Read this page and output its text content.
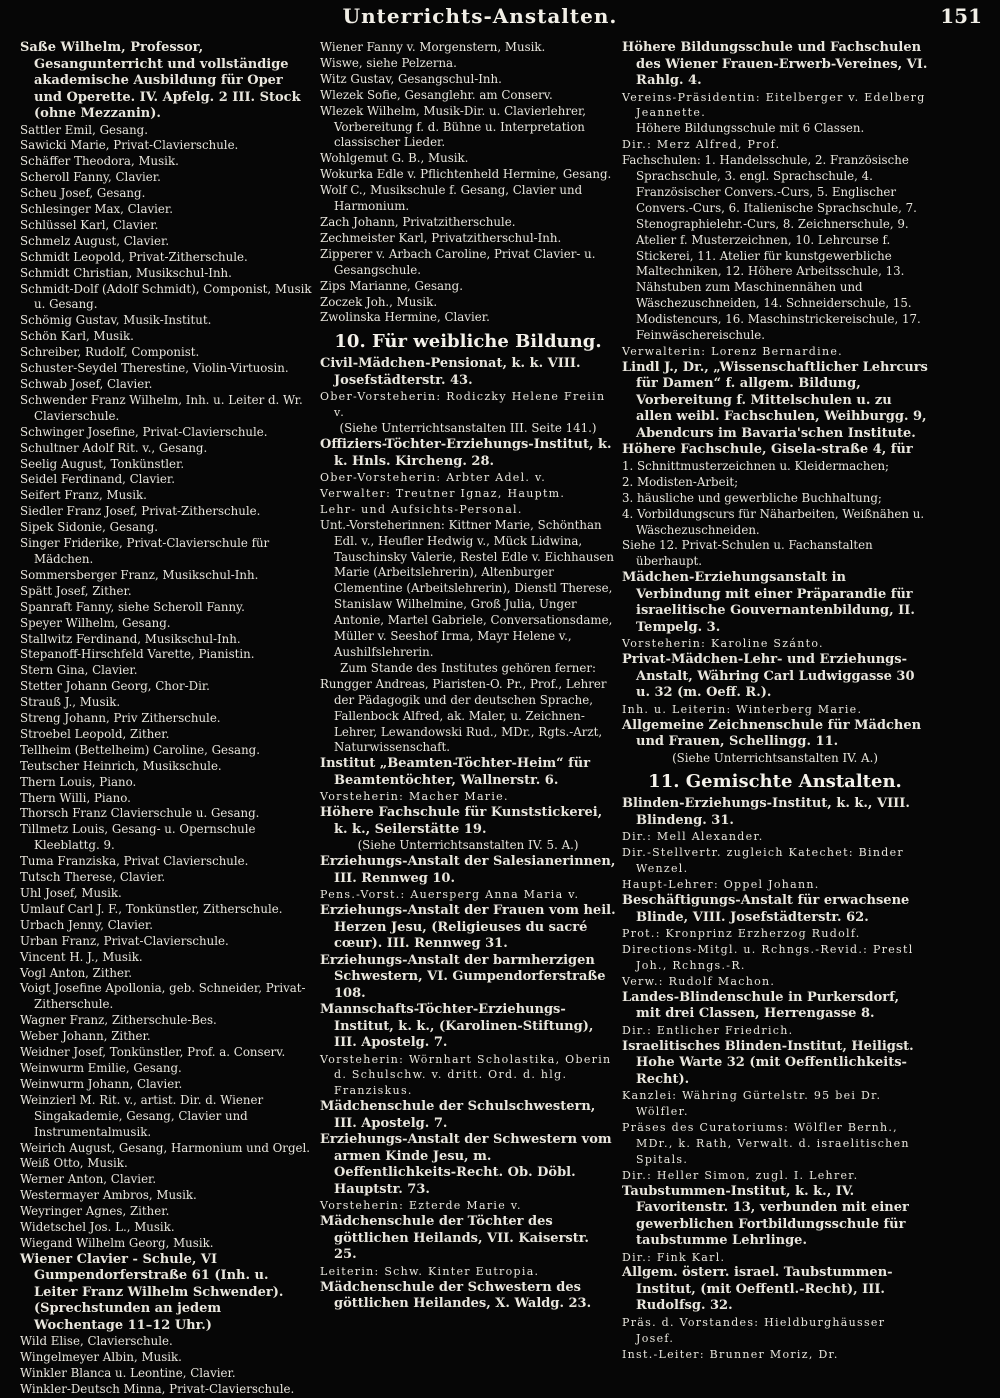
Unterrichts-Anstalten.	151
Saße Wilhelm, Professor, Gesangunterricht und vollständige akademische Ausbildung für Oper und Operette. IV. Apfelg. 2 III. Stock (ohne Mezzanin).
Sattler Emil, Gesang.
Sawicki Marie, Privat-Clavierschule.
Schäffer Theodora, Musik.
Scheroll Fanny, Clavier.
Scheu Josef, Gesang.
Schlesinger Max, Clavier.
Schlüssel Karl, Clavier.
Schmelz August, Clavier.
Schmidt Leopold, Privat-Zitherschule.
Schmidt Christian, Musikschul-Inh.
Schmidt-Dolf (Adolf Schmidt), Componist, Musik u. Gesang.
Schömig Gustav, Musik-Institut.
Schön Karl, Musik.
Schreiber, Rudolf, Componist.
Schuster-Seydel Therestine, Violin-Virtuosin.
Schwab Josef, Clavier.
Schwender Franz Wilhelm, Inh. u. Leiter d. Wr. Clavierschule.
Schwinger Josefine, Privat-Clavierschule.
Schultner Adolf Rit. v., Gesang.
Seelig August, Tonkünstler.
Seidel Ferdinand, Clavier.
Seifert Franz, Musik.
Siedler Franz Josef, Privat-Zitherschule.
Sipek Sidonie, Gesang.
Singer Friderike, Privat-Clavierschule für Mädchen.
Sommersberger Franz, Musikschul-Inh.
Spätt Josef, Zither.
Spanraft Fanny, siehe Scheroll Fanny.
Speyer Wilhelm, Gesang.
Stallwitz Ferdinand, Musikschul-Inh.
Stepanoff-Hirschfeld Varette, Pianistin.
Stern Gina, Clavier.
Stetter Johann Georg, Chor-Dir.
Strauß J., Musik.
Streng Johann, Priv Zitherschule.
Stroebel Leopold, Zither.
Tellheim (Bettelheim) Caroline, Gesang.
Teutscher Heinrich, Musikschule.
Thern Louis, Piano.
Thern Willi, Piano.
Thorsch Franz Clavierschule u. Gesang.
Tillmetz Louis, Gesang- u. Opernschule Kleeblattg. 9.
Tuma Franziska, Privat Clavierschule.
Tutsch Therese, Clavier.
Uhl Josef, Musik.
Umlauf Carl J. F., Tonkünstler, Zitherschule.
Urbach Jenny, Clavier.
Urban Franz, Privat-Clavierschule.
Vincent H. J., Musik.
Vogl Anton, Zither.
Voigt Josefine Apollonia, geb. Schneider, Privat-Zitherschule.
Wagner Franz, Zitherschule-Bes.
Weber Johann, Zither.
Weidner Josef, Tonkünstler, Prof. a. Conserv.
Weinwurm Emilie, Gesang.
Weinwurm Johann, Clavier.
Weinzierl M. Rit. v., artist. Dir. d. Wiener Singakademie, Gesang, Clavier und Instrumentalmusik.
Weirich August, Gesang, Harmonium und Orgel.
Weiß Otto, Musik.
Werner Anton, Clavier.
Westermayer Ambros, Musik.
Weyringer Agnes, Zither.
Widetschel Jos. L., Musik.
Wiegand Wilhelm Georg, Musik.
Wiener Clavier - Schule, VI Gumpendorferstraße 61 (Inh. u. Leiter Franz Wilhelm Schwender). (Sprechstunden an jedem Wochentage 11–12 Uhr.)
Wild Elise, Clavierschule.
Wingelmeyer Albin, Musik.
Winkler Blanca u. Leontine, Clavier.
Winkler-Deutsch Minna, Privat-Clavierschule.
Wiener Fanny v. Morgenstern, Musik.
Wiswe, siehe Pelzerna.
Witz Gustav, Gesangschul-Inh.
Wlezek Sofie, Gesanglehr. am Conserv.
Wlezek Wilhelm, Musik-Dir. u. Clavierlehrer, Vorbereitung f. d. Bühne u. Interpretation classischer Lieder.
Wohlgemut G. B., Musik.
Wokurka Edle v. Pflichtenheld Hermine, Gesang.
Wolf C., Musikschule f. Gesang, Clavier und Harmonium.
Zach Johann, Privatzitherschule.
Zechmeister Karl, Privatzitherschul-Inh.
Zipperer v. Arbach Caroline, Privat Clavier- u. Gesangschule.
Zips Marianne, Gesang.
Zoczek Joh., Musik.
Zwolinska Hermine, Clavier.
10. Für weibliche Bildung.
Civil-Mädchen-Pensionat, k. k. VIII. Josefstädterstr. 43.
Ober-Vorsteherin: Rodiczky Helene Freiin v.
(Siehe Unterrichtsanstalten III. Seite 141.)
Offiziers-Töchter-Erziehungs-Institut, k. k. Hnls. Kircheng. 28.
Ober-Vorsteherin: Arbter Adel. v.
Verwalter: Treutner Ignaz, Hauptm.
Lehr- und Aufsichts-Personal.
Unt.-Vorsteherinnen: Kittner Marie, Schönthan Edl. v., Heufler Hedwig v., Mück Lidwina, Tauschinsky Valerie, Restel Edle v. Eichhausen Marie (Arbeitslehrerin), Altenburger Clementine (Arbeitslehrerin), Dienstl Therese, Stanislaw Wilhelmine, Groß Julia, Unger Antonie, Martel Gabriele, Conversationsdame, Müller v. Seeshof Irma, Mayr Helene v., Aushilfslehrerin.
Zum Stande des Institutes gehören ferner:
Rungger Andreas, Piaristen-O. Pr., Prof., Lehrer der Pädagogik und der deutschen Sprache, Fallenbock Alfred, ak. Maler, u. Zeichnen-Lehrer, Lewandowski Rud., MDr., Rgts.-Arzt, Naturwissenschaft.
Institut „Beamten-Töchter-Heim“ für Beamtentöchter, Wallnerstr. 6.
Vorsteherin: Macher Marie.
Höhere Fachschule für Kunststickerei, k. k., Seilerstätte 19.
(Siehe Unterrichtsanstalten IV. 5. A.)
Erziehungs-Anstalt der Salesianerinnen, III. Rennweg 10.
Pens.-Vorst.: Auersperg Anna Maria v.
Erziehungs-Anstalt der Frauen vom heil. Herzen Jesu, (Religieuses du sacré cœur). III. Rennweg 31.
Erziehungs-Anstalt der barmherzigen Schwestern, VI. Gumpendorferstraße 108.
Mannschafts-Töchter-Erziehungs-Institut, k. k., (Karolinen-Stiftung), III. Apostelg. 7.
Vorsteherin: Wörnhart Scholastika, Oberin d. Schulschw. v. dritt. Ord. d. hlg. Franziskus.
Mädchenschule der Schulschwestern, III. Apostelg. 7.
Erziehungs-Anstalt der Schwestern vom armen Kinde Jesu, m. Oeffentlichkeits-Recht. Ob. Döbl. Hauptstr. 73.
Vorsteherin: Ezterde Marie v.
Mädchenschule der Töchter des göttlichen Heilands, VII. Kaiserstr. 25.
Leiterin: Schw. Kinter Eutropia.
Mädchenschule der Schwestern des göttlichen Heilandes, X. Waldg. 23.
Höhere Bildungsschule und Fachschulen des Wiener Frauen-Erwerb-Vereines, VI. Rahlg. 4.
Vereins-Präsidentin: Eitelberger v. Edelberg Jeannette.
Höhere Bildungsschule mit 6 Classen.
Dir.: Merz Alfred, Prof.
Fachschulen: 1. Handelsschule, 2. Französische Sprachschule, 3. engl. Sprachschule, 4. Französischer Convers.-Curs, 5. Englischer Convers.-Curs, 6. Italienische Sprachschule, 7. Stenographielehr.-Curs, 8. Zeichnerschule, 9. Atelier f. Musterzeichnen, 10. Lehrcurse f. Stickerei, 11. Atelier für kunstgewerbliche Maltechniken, 12. Höhere Arbeitsschule, 13. Nähstuben zum Maschinennähen und Wäschezuschneiden, 14. Schneiderschule, 15. Modistencurs, 16. Maschinstrickereischule, 17. Feinwäschereischule.
Verwalterin: Lorenz Bernardine.
Lindl J., Dr., „Wissenschaftlicher Lehrcurs für Damen“ f. allgem. Bildung, Vorbereitung f. Mittelschulen u. zu allen weibl. Fachschulen, Weihburgg. 9, Abendcurs im Bavaria'schen Institute.
Höhere Fachschule, Gisela-straße 4, für
1. Schnittmusterzeichnen u. Kleidermachen;
2. Modisten-Arbeit;
3. häusliche und gewerbliche Buchhaltung;
4. Vorbildungscurs für Näharbeiten, Weißnähen u. Wäschezuschneiden.
Siehe 12. Privat-Schulen u. Fachanstalten überhaupt.
Mädchen-Erziehungsanstalt in Verbindung mit einer Präparandie für israelitische Gouvernantenbildung, II. Tempelg. 3.
Vorsteherin: Karoline Szánto.
Privat-Mädchen-Lehr- und Erziehungs-Anstalt, Währing Carl Ludwiggasse 30 u. 32 (m. Oeff. R.).
Inh. u. Leiterin: Winterberg Marie.
Allgemeine Zeichnenschule für Mädchen und Frauen, Schellingg. 11.
(Siehe Unterrichtsanstalten IV. A.)
11. Gemischte Anstalten.
Blinden-Erziehungs-Institut, k. k., VIII. Blindeng. 31.
Dir.: Mell Alexander.
Dir.-Stellvertr. zugleich Katechet: Binder Wenzel.
Haupt-Lehrer: Oppel Johann.
Beschäftigungs-Anstalt für erwachsene Blinde, VIII. Josefstädterstr. 62.
Prot.: Kronprinz Erzherzog Rudolf.
Directions-Mitgl. u. Rchngs.-Revid.: Prestl Joh., Rchngs.-R.
Verw.: Rudolf Machon.
Landes-Blindenschule in Purkersdorf, mit drei Classen, Herrengasse 8.
Dir.: Entlicher Friedrich.
Israelitisches Blinden-Institut, Heiligst. Hohe Warte 32 (mit Oeffentlichkeits-Recht).
Kanzlei: Währing Gürtelstr. 95 bei Dr. Wölfler.
Präses des Curatoriums: Wölfler Bernh., MDr., k. Rath, Verwalt. d. israelitischen Spitals.
Dir.: Heller Simon, zugl. I. Lehrer.
Taubstummen-Institut, k. k., IV. Favoritenstr. 13, verbunden mit einer gewerblichen Fortbildungsschule für taubstumme Lehrlinge.
Dir.: Fink Karl.
Allgem. österr. israel. Taubstummen-Institut, (mit Oeffentl.-Recht), III. Rudolfsg. 32.
Präs. d. Vorstandes: Hieldburghäusser Josef.
Inst.-Leiter: Brunner Moriz, Dr.
